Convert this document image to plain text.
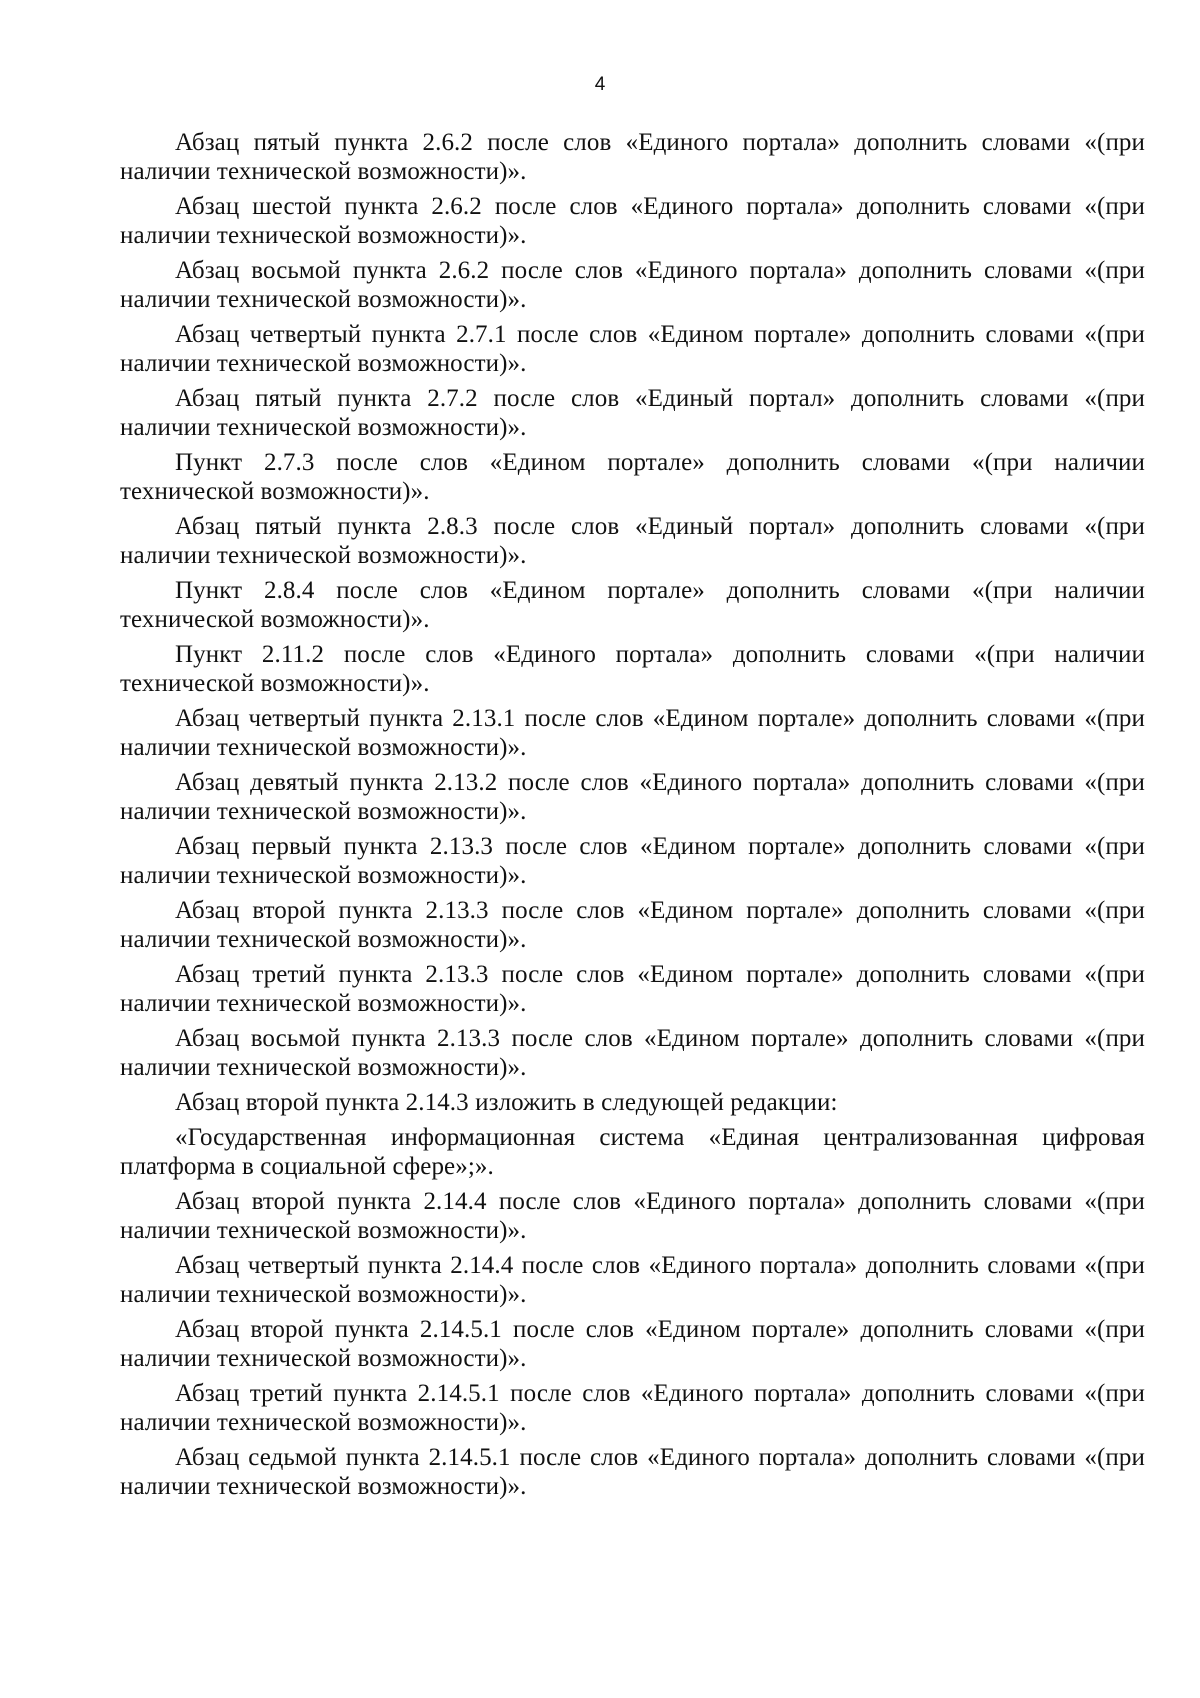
4

Абзац пятый пункта 2.6.2 после слов «Единого портала» дополнить словами «(при наличии технической возможности)».

Абзац шестой пункта 2.6.2 после слов «Единого портала» дополнить словами «(при наличии технической возможности)».

Абзац восьмой пункта 2.6.2 после слов «Единого портала» дополнить словами «(при наличии технической возможности)».

Абзац четвертый пункта 2.7.1 после слов «Едином портале» дополнить словами «(при наличии технической возможности)».

Абзац пятый пункта 2.7.2 после слов «Единый портал» дополнить словами «(при наличии технической возможности)».

Пункт 2.7.3 после слов «Едином портале» дополнить словами «(при наличии технической возможности)».

Абзац пятый пункта 2.8.3 после слов «Единый портал» дополнить словами «(при наличии технической возможности)».

Пункт 2.8.4 после слов «Едином портале» дополнить словами «(при наличии технической возможности)».

Пункт 2.11.2 после слов «Единого портала» дополнить словами «(при наличии технической возможности)».

Абзац четвертый пункта 2.13.1 после слов «Едином портале» дополнить словами «(при наличии технической возможности)».

Абзац девятый пункта 2.13.2 после слов «Единого портала» дополнить словами «(при наличии технической возможности)».

Абзац первый пункта 2.13.3 после слов «Едином портале» дополнить словами «(при наличии технической возможности)».

Абзац второй пункта 2.13.3 после слов «Едином портале» дополнить словами «(при наличии технической возможности)».

Абзац третий пункта 2.13.3 после слов «Едином портале» дополнить словами «(при наличии технической возможности)».

Абзац восьмой пункта 2.13.3 после слов «Едином портале» дополнить словами «(при наличии технической возможности)».

Абзац второй пункта 2.14.3 изложить в следующей редакции:

«Государственная информационная система «Единая централизованная цифровая платформа в социальной сфере»;».

Абзац второй пункта 2.14.4 после слов «Единого портала» дополнить словами «(при наличии технической возможности)».

Абзац четвертый пункта 2.14.4 после слов «Единого портала» дополнить словами «(при наличии технической возможности)».

Абзац второй пункта 2.14.5.1 после слов «Едином портале» дополнить словами «(при наличии технической возможности)».

Абзац третий пункта 2.14.5.1 после слов «Единого портала» дополнить словами «(при наличии технической возможности)».

Абзац седьмой пункта 2.14.5.1 после слов «Единого портала» дополнить словами «(при наличии технической возможности)».
